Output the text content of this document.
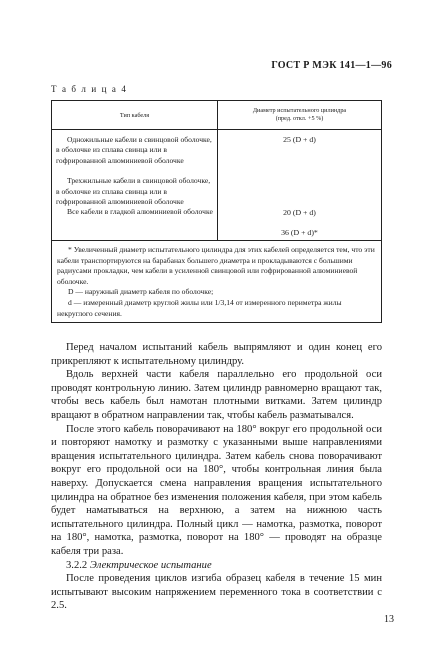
ГОСТ Р МЭК 141—1—96
Т а б л и ц а 4
Тип кабеля
Диаметр испытательного цилиндра
(пред. откл. +5 %)

Одножильные кабели в свинцовой оболочке, в оболочке из сплава свинца или в гофрированной алюминиевой оболочке

Трехжильные кабели в свинцовой оболочке, в оболочке из сплава свинца или в гофрированной алюминиевой оболочке

Все кабели в гладкой алюминиевой оболочке

25 (D + d)
20 (D + d)
36 (D + d)*

* Увеличенный диаметр испытательного цилиндра для этих кабелей определяется тем, что эти кабели транспортируются на барабанах большего диаметра и прокладываются с большими радиусами прокладки, чем кабели в усиленной свинцовой или гофрированной алюминиевой оболочке.

D — наружный диаметр кабеля по оболочке;

d — измеренный диаметр круглой жилы или 1/3,14 от измеренного периметра жилы некруглого сечения.

Перед началом испытаний кабель выпрямляют и один конец его прикрепляют к испытательному цилиндру.

Вдоль верхней части кабеля параллельно его продольной оси проводят контрольную линию. Затем цилиндр равномерно вращают так, чтобы весь кабель был намотан плотными витками. Затем цилиндр вращают в обратном направлении так, чтобы кабель разматывался.

После этого кабель поворачивают на 180° вокруг его продольной оси и повторяют намотку и размотку с указанными выше направлениями вращения испытательного цилиндра. Затем кабель снова поворачивают вокруг его продольной оси на 180°, чтобы контрольная линия была наверху. Допускается смена направления вращения испытательного цилиндра на обратное без изменения положения кабеля, при этом кабель будет наматываться на верхнюю, а затем на нижнюю часть испытательного цилиндра. Полный цикл — намотка, размотка, поворот на 180°, намотка, размотка, поворот на 180° — проводят на образце кабеля три раза.

3.2.2 Электрическое испытание

После проведения циклов изгиба образец кабеля в течение 15 мин испытывают высоким напряжением переменного тока в соответствии с 2.5.

13
